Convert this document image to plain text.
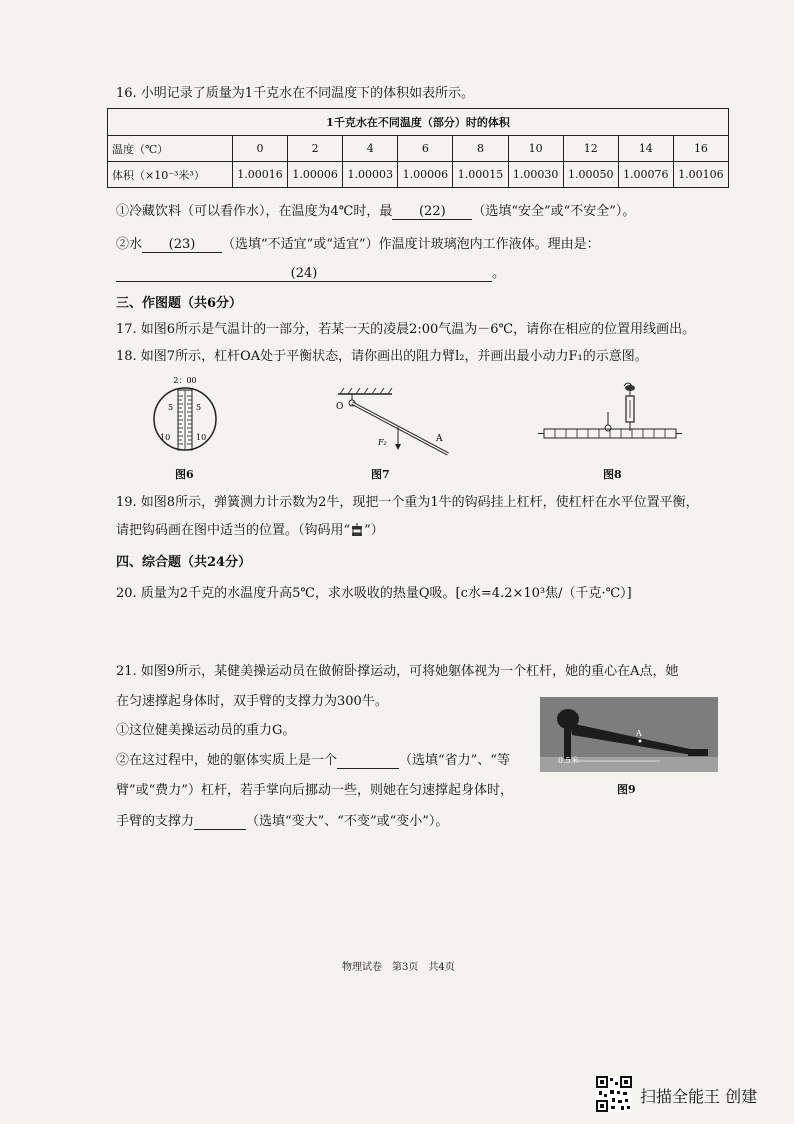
16. 小明记录了质量为1千克水在不同温度下的体积如表所示。
1千克水在不同温度（部分）时的体积									
温度（℃）	0	2	4	6	8	10	12	14	16
体积（×10⁻³米³）	1.00016	1.00006	1.00003	1.00006	1.00015	1.00030	1.00050	1.00076	1.00106
①冷藏饮料（可以看作水），在温度为4℃时，最 (22) （选填“安全”或“不安全”）。
②水 (23) （选填“不适宜”或“适宜”）作温度计玻璃泡内工作液体。理由是：
(24)	。
三、作图题（共6分）
17. 如图6所示是气温计的一部分，若某一天的凌晨2:00气温为－6℃，请你在相应的位置用线画出。
18. 如图7所示，杠杆OA处于平衡状态，请你画出的阻力臂l₂，并画出最小动力F₁的示意图。
2：00
5	5
10	10
图6
O
A
F₂
图7	图8
19. 如图8所示，弹簧测力计示数为2牛，现把一个重为1牛的钩码挂上杠杆，使杠杆在水平位置平衡，
请把钩码画在图中适当的位置。（钩码用“ ”）
四、综合题（共24分）
20. 质量为2千克的水温度升高5℃，求水吸收的热量Q吸。[c水=4.2×10³焦/（千克·℃）]
21. 如图9所示，某健美操运动员在做俯卧撑运动，可将她躯体视为一个杠杆，她的重心在A点，她
在匀速撑起身体时，双手臂的支撑力为300牛。
①这位健美操运动员的重力G。
②在这过程中，她的躯体实质上是一个	（选填“省力”、“等
臂”或“费力”）杠杆，若手掌向后挪动一些，则她在匀速撑起身体时，
手臂的支撑力	（选填“变大”、“不变”或“变小”）。
A
0.5米
图9
物理试卷　第3页　共4页
扫描全能王 创建
